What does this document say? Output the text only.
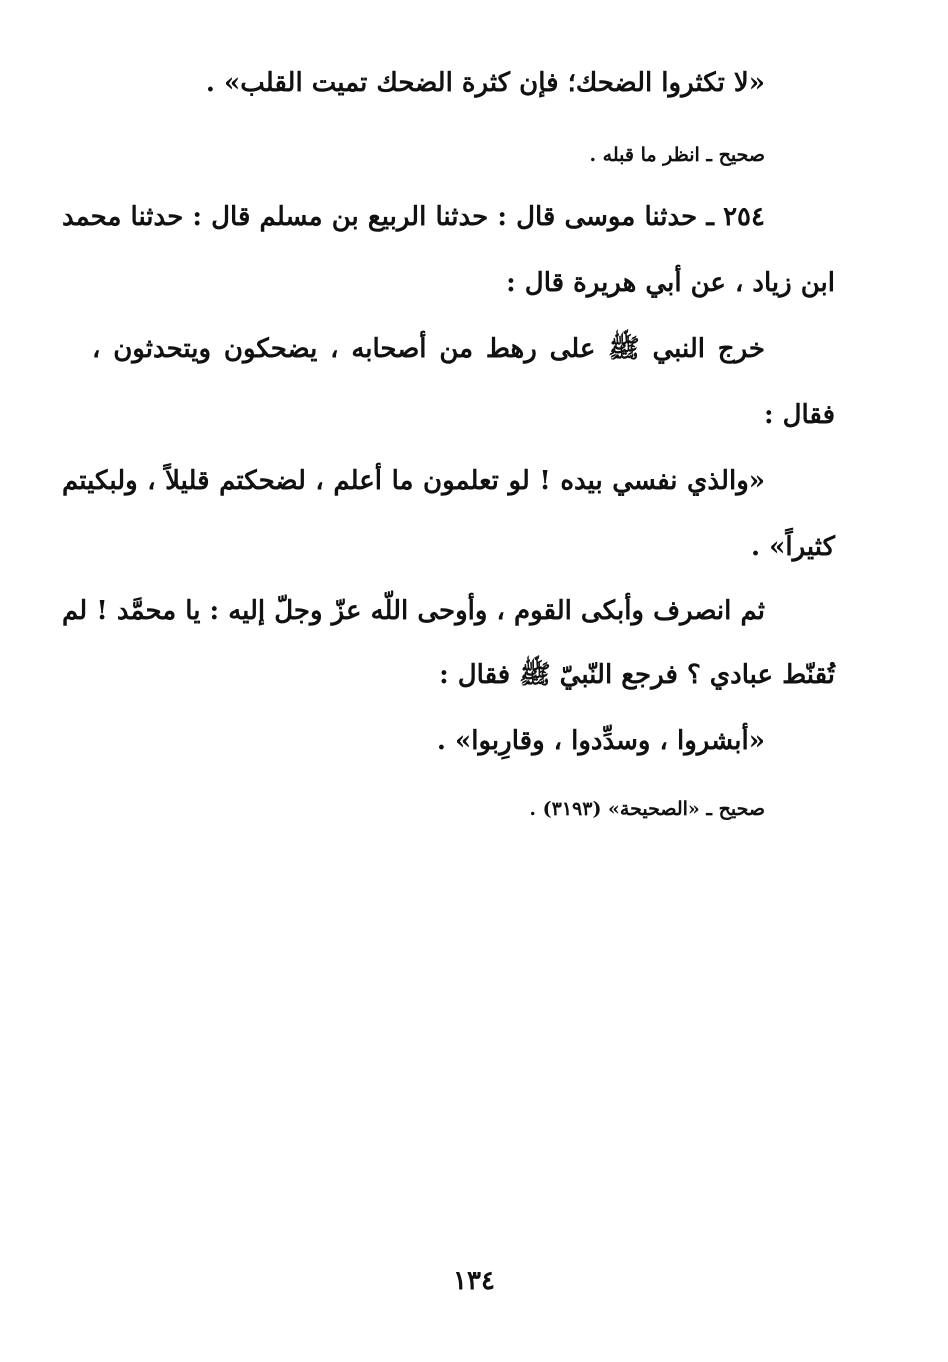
«لا تكثروا الضحك؛ فإن كثرة الضحك تميت القلب» .
صحيح ـ انظر ما قبله .
٢٥٤ ـ حدثنا موسى قال : حدثنا الربيع بن مسلم قال : حدثنا محمد
ابن زياد ، عن أبي هريرة قال :
خرج النبي ﷺ على رهط من أصحابه ، يضحكون ويتحدثون ،
فقال :
«والذي نفسي بيده ! لو تعلمون ما أعلم ، لضحكتم قليلاً ، ولبكيتم
كثيراً» .
ثم انصرف وأبكى القوم ، وأوحى اللّه عزّ وجلّ إليه : يا محمَّد ! لم
تُقنّط عبادي ؟ فرجع النّبيّ ﷺ فقال :
«أبشروا ، وسدِّدوا ، وقارِبوا» .
صحيح ـ «الصحيحة» (٣١٩٣) .
١٣٤
